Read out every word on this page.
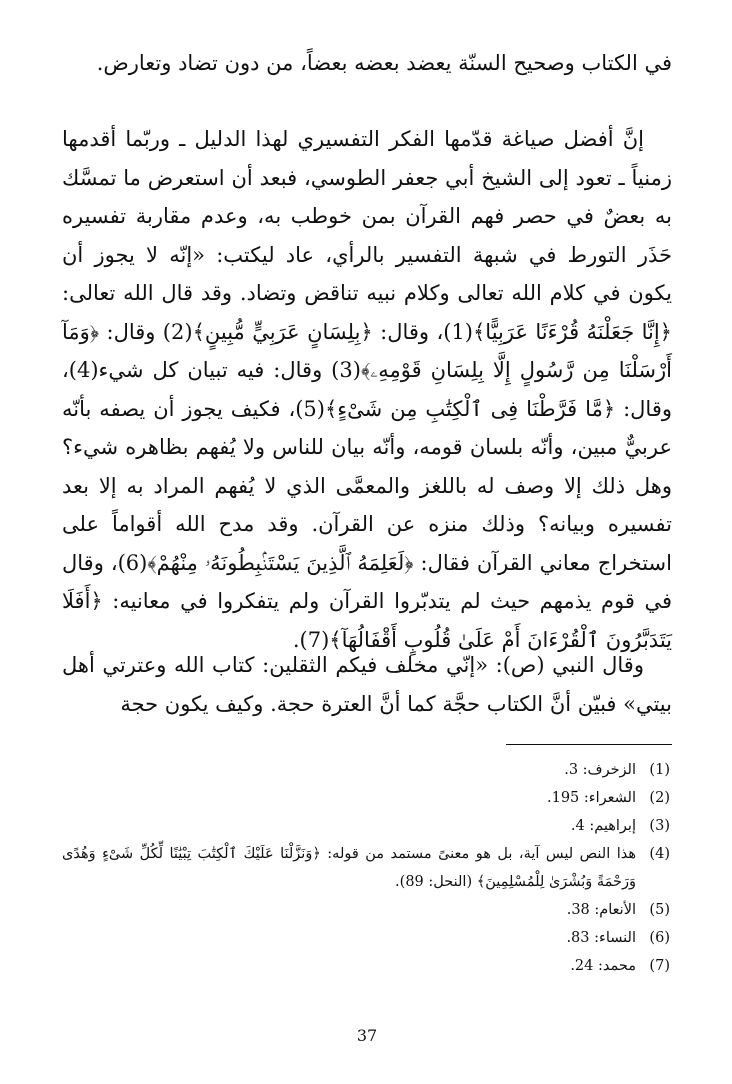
في الكتاب وصحيح السنّة يعضد بعضه بعضاً، من دون تضاد وتعارض.

إنَّ أفضل صياغة قدّمها الفكر التفسيري لهذا الدليل ـ وربّما أقدمها زمنياً ـ تعود إلى الشيخ أبي جعفر الطوسي، فبعد أن استعرض ما تمسَّك به بعضٌ في حصر فهم القرآن بمن خوطب به، وعدم مقاربة تفسيره حَذَر التورط في شبهة التفسير بالرأي، عاد ليكتب: «إنّه لا يجوز أن يكون في كلام الله تعالى وكلام نبيه تناقض وتضاد. وقد قال الله تعالى: ﴿إِنَّا جَعَلْنَهُ قُرْءَنًا عَرَبِيًّا﴾(1)، وقال: ﴿بِلِسَانٍ عَرَبِيٍّ مُّبِينٍ﴾(2) وقال: ﴿وَمَآ أَرْسَلْنَا مِن رَّسُولٍ إِلَّا بِلِسَانِ قَوْمِهِۦ﴾(3) وقال: فيه تبيان كل شيء(4)، وقال: ﴿مَّا فَرَّطْنَا فِى ٱلْكِتَٰبِ مِن شَىْءٍ﴾(5)، فكيف يجوز أن يصفه بأنّه عربيٌّ مبين، وأنّه بلسان قومه، وأنّه بيان للناس ولا يُفهم بظاهره شيء؟ وهل ذلك إلا وصف له باللغز والمعمَّى الذي لا يُفهم المراد به إلا بعد تفسيره وبيانه؟ وذلك منزه عن القرآن. وقد مدح الله أقواماً على استخراج معاني القرآن فقال: ﴿لَعَلِمَهُ ٱلَّذِينَ يَسْتَنۢبِطُونَهُۥ مِنْهُمْ﴾(6)، وقال في قوم يذمهم حيث لم يتدبّروا القرآن ولم يتفكروا في معانيه: ﴿أَفَلَا يَتَدَبَّرُونَ ٱلْقُرْءَانَ أَمْ عَلَىٰ قُلُوبٍ أَقْفَالُهَآ﴾(7).

وقال النبي (ص): «إنّي مخلف فيكم الثقلين: كتاب الله وعترتي أهل بيتي» فبيّن أنَّ الكتاب حجَّة كما أنَّ العترة حجة. وكيف يكون حجة

(1)
الزخرف: 3.
(2)
الشعراء: 195.
(3)
إبراهيم: 4.
(4)
هذا النص ليس آية، بل هو معنىً مستمد من قوله: ﴿وَنَزَّلْنَا عَلَيْكَ ٱلْكِتَٰبَ تِبْيَٰنًا لِّكُلِّ شَىْءٍ وَهُدًى وَرَحْمَةً وَبُشْرَىٰ لِلْمُسْلِمِينَ﴾ (النحل: 89).
(5)
الأنعام: 38.
(6)
النساء: 83.
(7)
محمد: 24.
37
